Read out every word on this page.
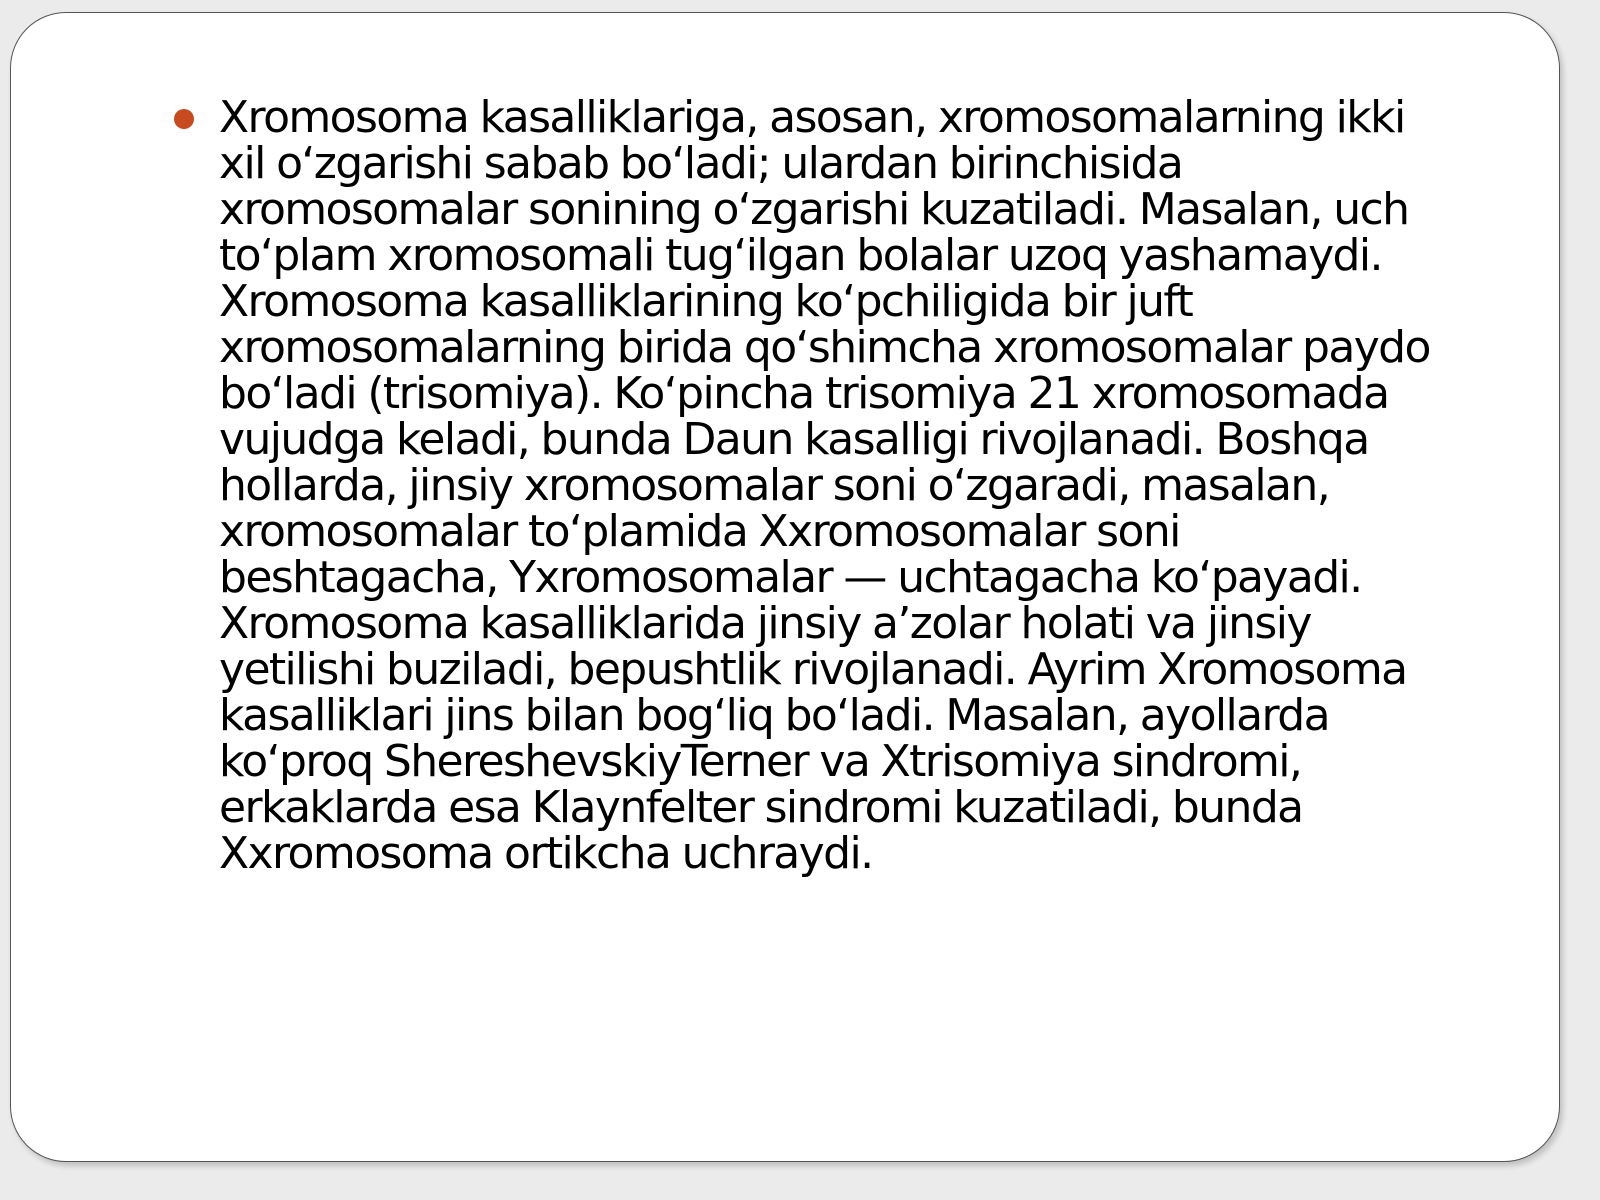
Xromosoma kasalliklariga, asosan, xromosomalarning ikki xil oʻzgarishi sabab boʻladi; ulardan birinchisida xromosomalar sonining oʻzgarishi kuzatiladi. Masalan, uch toʻplam xromosomali tugʻilgan bolalar uzoq yashamaydi. Xromosoma kasalliklarining koʻpchiligida bir juft xromosomalarning birida qoʻshimcha xromosomalar paydo boʻladi (trisomiya). Koʻpincha trisomiya 21 xromosomada vujudga keladi, bunda Daun kasalligi rivojlanadi. Boshqa hollarda, jinsiy xromosomalar soni oʻzgaradi, masalan, xromosomalar toʻplamida Xxromosomalar soni beshtagacha, Yxromosomalar — uchtagacha koʻpayadi. Xromosoma kasalliklarida jinsiy aʼzolar holati va jinsiy yetilishi buziladi, bepushtlik rivojlanadi. Ayrim Xromosoma kasalliklari jins bilan bogʻliq boʻladi. Masalan, ayollarda koʻproq ShereshevskiyTerner va Xtrisomiya sindromi, erkaklarda esa Klaynfelter sindromi kuzatiladi, bunda Xxromosoma ortikcha uchraydi.
